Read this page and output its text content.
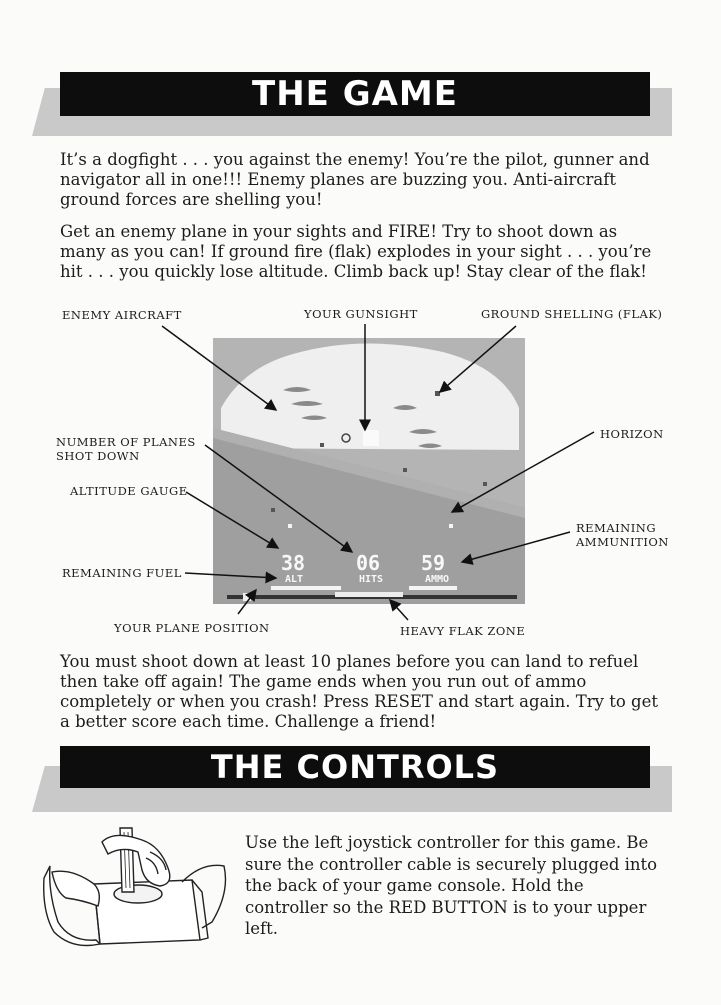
THE GAME

It’s a dogfight . . . you against the enemy! You’re the pilot, gunner and navigator all in one!!! Enemy planes are buzzing you. Anti-aircraft ground forces are shelling you!

Get an enemy plane in your sights and FIRE! Try to shoot down as many as you can! If ground fire (flak) explodes in your sight . . . you’re hit . . . you quickly lose altitude. Climb back up! Stay clear of the flak!

ENEMY AIRCRAFT	YOUR GUNSIGHT	GROUND SHELLING (FLAK)
NUMBER OF PLANES
SHOT DOWN
HORIZON
ALTITUDE GAUGE
REMAINING
AMMUNITION
REMAINING FUEL
YOUR PLANE POSITION	HEAVY FLAK ZONE
38
ALT
06
HITS
59
AMMO

You must shoot down at least 10 planes before you can land to refuel then take off again! The game ends when you run out of ammo completely or when you crash! Press RESET and start again. Try to get a better score each time. Challenge a friend!

THE CONTROLS

Use the left joystick controller for this game. Be sure the controller cable is securely plugged into the back of your game console. Hold the controller so the RED BUTTON is to your upper left.
